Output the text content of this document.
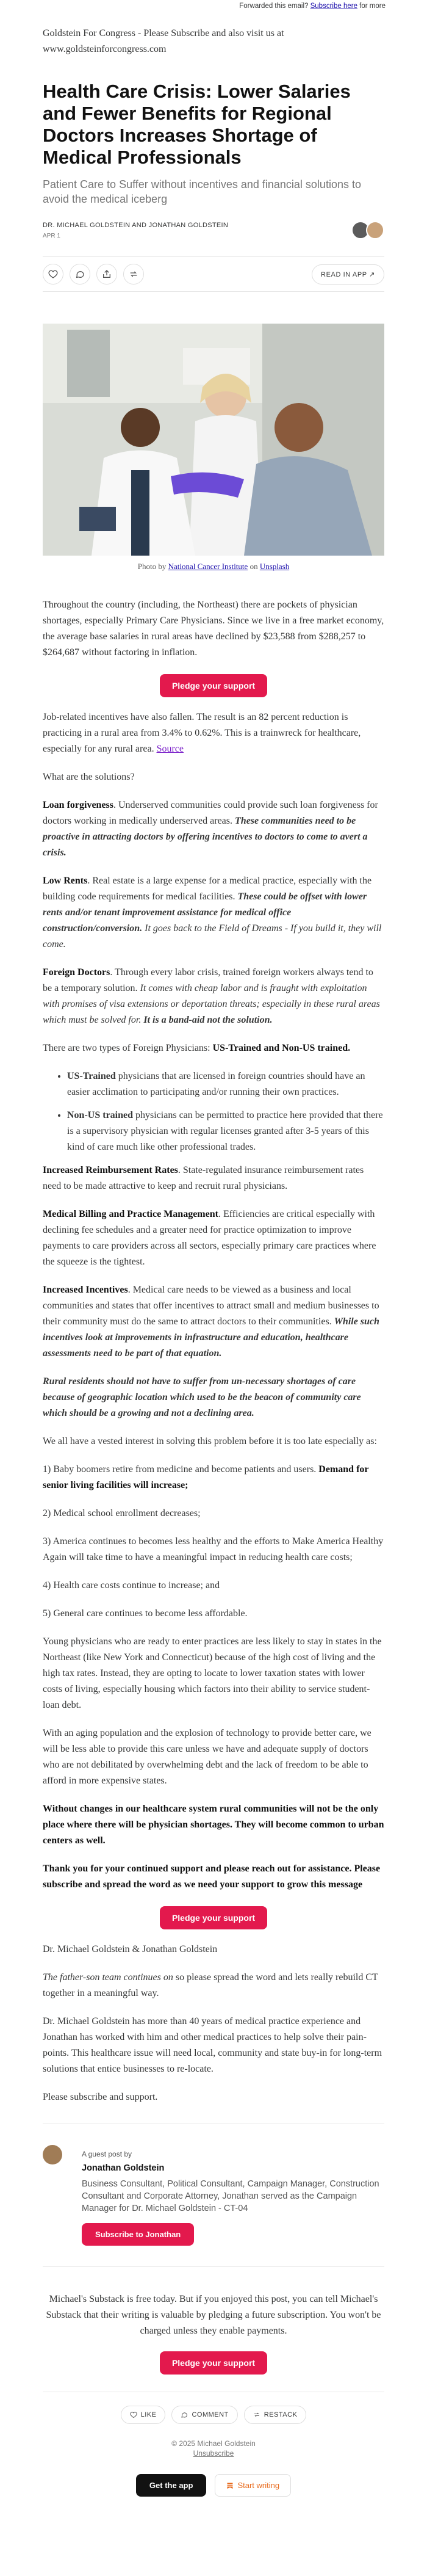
Forwarded this email? Subscribe here for more

Goldstein For Congress - Please Subscribe and also visit us at www.goldsteinforcongress.com

Health Care Crisis: Lower Salaries and Fewer Benefits for Regional Doctors Increases Shortage of Medical Professionals
Patient Care to Suffer without incentives and financial solutions to avoid the medical iceberg
DR. MICHAEL GOLDSTEIN AND JONATHAN GOLDSTEIN
APR 1
READ IN APP ↗
Photo by National Cancer Institute on Unsplash

Throughout the country (including, the Northeast) there are pockets of physician shortages, especially Primary Care Physicians. Since we live in a free market economy, the average base salaries in rural areas have declined by $23,588 from $288,257 to $264,687 without factoring in inflation.

Pledge your support

Job-related incentives have also fallen. The result is an 82 percent reduction is practicing in a rural area from 3.4% to 0.62%. This is a trainwreck for healthcare, especially for any rural area. Source

What are the solutions?

Loan forgiveness. Underserved communities could provide such loan forgiveness for doctors working in medically underserved areas. These communities need to be proactive in attracting doctors by offering incentives to doctors to come to avert a crisis.

Low Rents. Real estate is a large expense for a medical practice, especially with the building code requirements for medical facilities. These could be offset with lower rents and/or tenant improvement assistance for medical office construction/conversion. It goes back to the Field of Dreams - If you build it, they will come.

Foreign Doctors. Through every labor crisis, trained foreign workers always tend to be a temporary solution. It comes with cheap labor and is fraught with exploitation with promises of visa extensions or deportation threats; especially in these rural areas which must be solved for. It is a band-aid not the solution.

There are two types of Foreign Physicians: US-Trained and Non-US trained.

• US-Trained physicians that are licensed in foreign countries should have an easier acclimation to participating and/or running their own practices.
• Non-US trained physicians can be permitted to practice here provided that there is a supervisory physician with regular licenses granted after 3-5 years of this kind of care much like other professional trades.

Increased Reimbursement Rates. State-regulated insurance reimbursement rates need to be made attractive to keep and recruit rural physicians.

Medical Billing and Practice Management. Efficiencies are critical especially with declining fee schedules and a greater need for practice optimization to improve payments to care providers across all sectors, especially primary care practices where the squeeze is the tightest.

Increased Incentives. Medical care needs to be viewed as a business and local communities and states that offer incentives to attract small and medium businesses to their community must do the same to attract doctors to their communities. While such incentives look at improvements in infrastructure and education, healthcare assessments need to be part of that equation.

Rural residents should not have to suffer from un-necessary shortages of care because of geographic location which used to be the beacon of community care which should be a growing and not a declining area.

We all have a vested interest in solving this problem before it is too late especially as:

1) Baby boomers retire from medicine and become patients and users. Demand for senior living facilities will increase;

2) Medical school enrollment decreases;

3) America continues to becomes less healthy and the efforts to Make America Healthy Again will take time to have a meaningful impact in reducing health care costs;

4) Health care costs continue to increase; and

5) General care continues to become less affordable.

Young physicians who are ready to enter practices are less likely to stay in states in the Northeast (like New York and Connecticut) because of the high cost of living and the high tax rates. Instead, they are opting to locate to lower taxation states with lower costs of living, especially housing which factors into their ability to service student-loan debt.

With an aging population and the explosion of technology to provide better care, we will be less able to provide this care unless we have and adequate supply of doctors who are not debilitated by overwhelming debt and the lack of freedom to be able to afford in more expensive states.

Without changes in our healthcare system rural communities will not be the only place where there will be physician shortages. They will become common to urban centers as well.

Thank you for your continued support and please reach out for assistance. Please subscribe and spread the word as we need your support to grow this message

Pledge your support

Dr. Michael Goldstein & Jonathan Goldstein

The father-son team continues on so please spread the word and lets really rebuild CT together in a meaningful way.

Dr. Michael Goldstein has more than 40 years of medical practice experience and Jonathan has worked with him and other medical practices to help solve their pain-points. This healthcare issue will need local, community and state buy-in for long-term solutions that entice businesses to re-locate.

Please subscribe and support.

A guest post by
Jonathan Goldstein
Business Consultant, Political Consultant, Campaign Manager, Construction Consultant and Corporate Attorney, Jonathan served as the Campaign Manager for Dr. Michael Goldstein - CT-04
Subscribe to Jonathan

Michael's Substack is free today. But if you enjoyed this post, you can tell Michael's Substack that their writing is valuable by pledging a future subscription. You won't be charged unless they enable payments.

Pledge your support
LIKE	COMMENT	RESTACK
© 2025 Michael Goldstein
Unsubscribe
Get the app	Start writing
